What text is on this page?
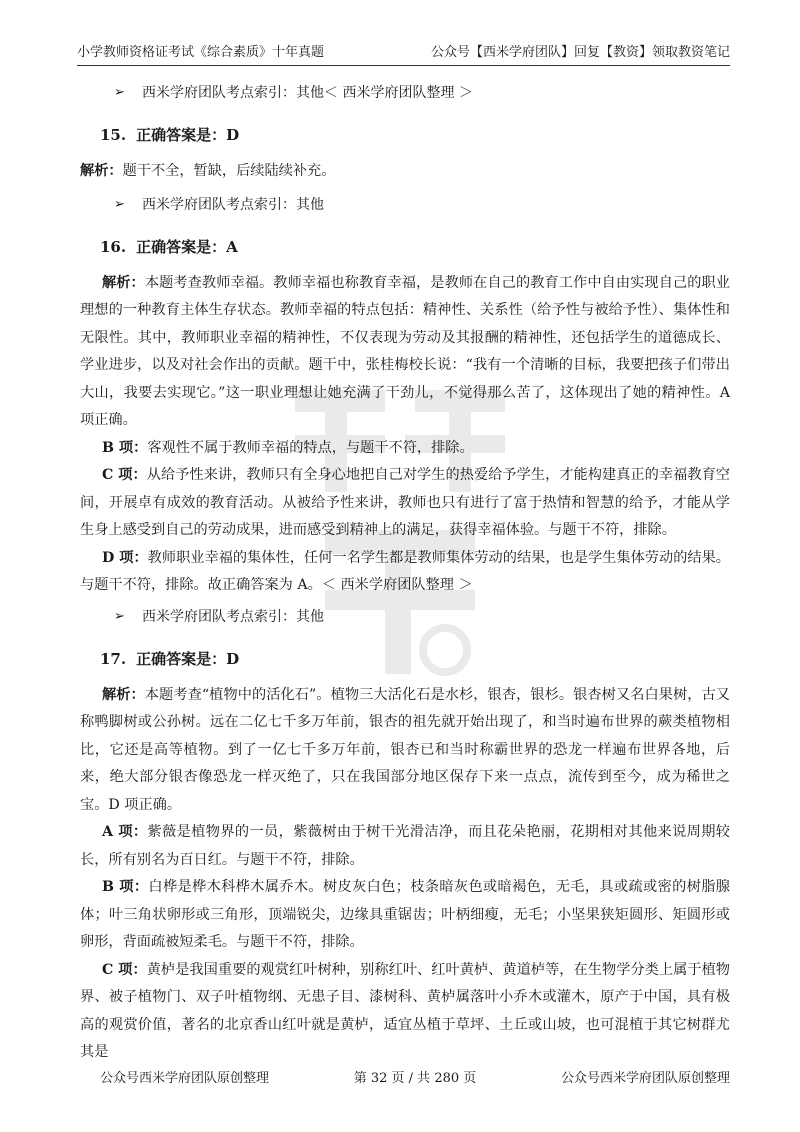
小学教师资格证考试《综合素质》十年真题	公众号【西米学府团队】回复【教资】领取教资笔记
➢	西米学府团队考点索引：其他＜ 西米学府团队整理 ＞
15. 正确答案是：D

解析：题干不全，暂缺，后续陆续补充。

➢	西米学府团队考点索引：其他
16. 正确答案是：A

解析：本题考查教师幸福。教师幸福也称教育幸福，是教师在自己的教育工作中自由实现自己的职业理想的一种教育主体生存状态。教师幸福的特点包括：精神性、关系性（给予性与被给予性）、集体性和无限性。其中，教师职业幸福的精神性，不仅表现为劳动及其报酬的精神性，还包括学生的道德成长、学业进步，以及对社会作出的贡献。题干中，张桂梅校长说：“我有一个清晰的目标，我要把孩子们带出大山，我要去实现它。”这一职业理想让她充满了干劲儿，不觉得那么苦了，这体现出了她的精神性。A 项正确。

B 项：客观性不属于教师幸福的特点，与题干不符，排除。

C 项：从给予性来讲，教师只有全身心地把自己对学生的热爱给予学生，才能构建真正的幸福教育空间，开展卓有成效的教育活动。从被给予性来讲，教师也只有进行了富于热情和智慧的给予，才能从学生身上感受到自己的劳动成果，进而感受到精神上的满足，获得幸福体验。与题干不符，排除。

D 项：教师职业幸福的集体性，任何一名学生都是教师集体劳动的结果，也是学生集体劳动的结果。与题干不符，排除。故正确答案为 A。＜ 西米学府团队整理 ＞

➢	西米学府团队考点索引：其他
17. 正确答案是：D

解析：本题考查“植物中的活化石”。植物三大活化石是水杉，银杏，银杉。银杏树又名白果树，古又称鸭脚树或公孙树。远在二亿七千多万年前，银杏的祖先就开始出现了，和当时遍布世界的蕨类植物相比，它还是高等植物。到了一亿七千多万年前，银杏已和当时称霸世界的恐龙一样遍布世界各地，后来，绝大部分银杏像恐龙一样灭绝了，只在我国部分地区保存下来一点点，流传到至今，成为稀世之宝。D 项正确。

A 项：紫薇是植物界的一员，紫薇树由于树干光滑洁净，而且花朵艳丽，花期相对其他来说周期较长，所有别名为百日红。与题干不符，排除。

B 项：白桦是桦木科桦木属乔木。树皮灰白色；枝条暗灰色或暗褐色，无毛，具或疏或密的树脂腺体；叶三角状卵形或三角形，顶端锐尖，边缘具重锯齿；叶柄细瘦，无毛；小坚果狭矩圆形、矩圆形或卵形，背面疏被短柔毛。与题干不符，排除。

C 项：黄栌是我国重要的观赏红叶树种，别称红叶、红叶黄栌、黄道栌等，在生物学分类上属于植物界、被子植物门、双子叶植物纲、无患子目、漆树科、黄栌属落叶小乔木或灌木，原产于中国，具有极高的观赏价值，著名的北京香山红叶就是黄栌，适宜丛植于草坪、土丘或山坡，也可混植于其它树群尤其是

公众号西米学府团队原创整理	第 32 页 / 共 280 页	公众号西米学府团队原创整理
